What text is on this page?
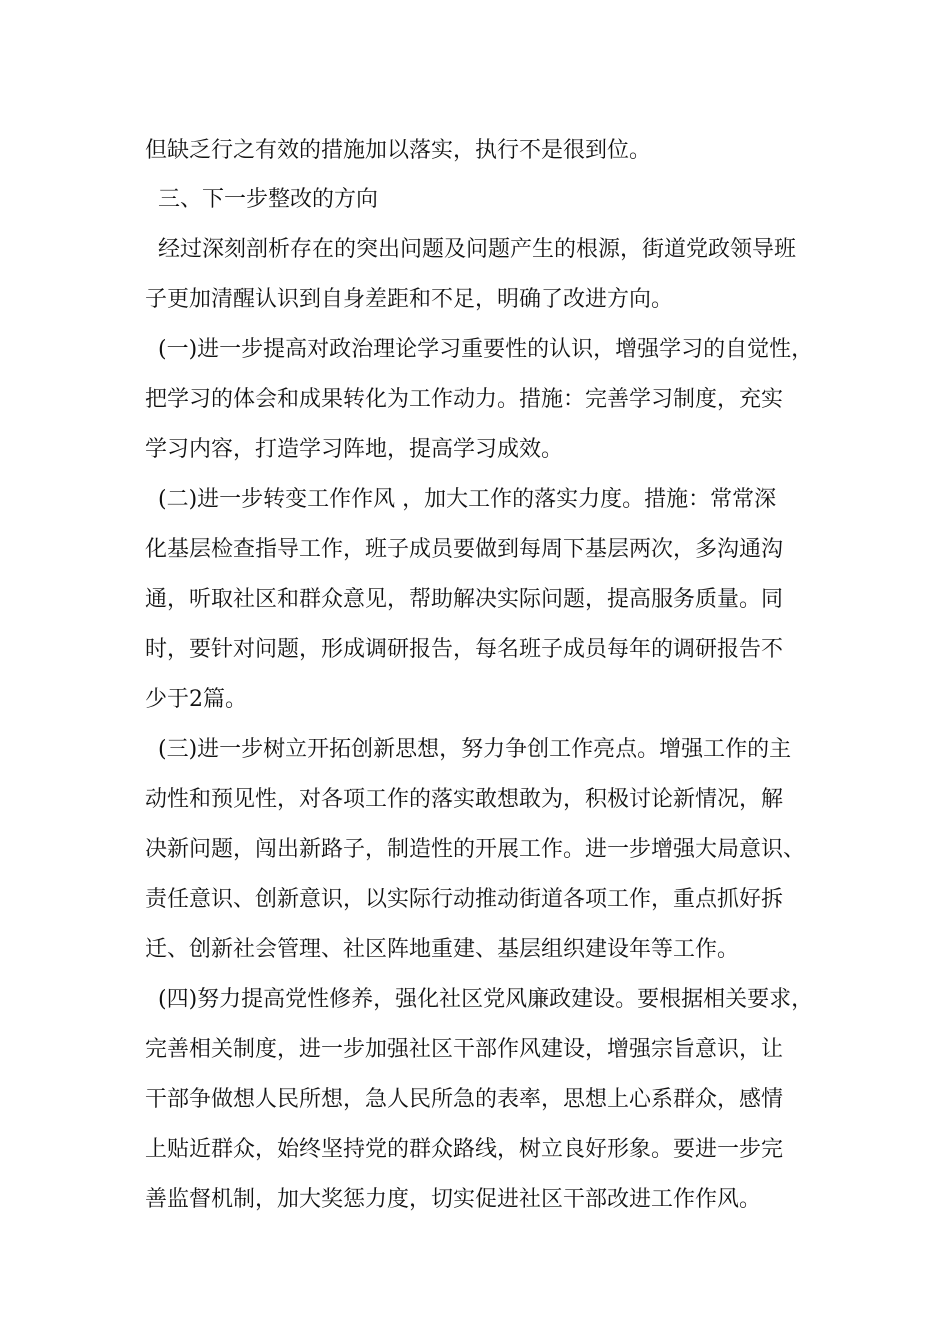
但缺乏行之有效的措施加以落实，执行不是很到位。
三、下一步整改的方向
经过深刻剖析存在的突出问题及问题产生的根源，街道党政领导班
子更加清醒认识到自身差距和不足，明确了改进方向。
(一)进一步提高对政治理论学习重要性的认识，增强学习的自觉性，
把学习的体会和成果转化为工作动力。措施：完善学习制度，充实
学习内容，打造学习阵地，提高学习成效。
(二)进一步转变工作作风 ，加大工作的落实力度。措施：常常深
化基层检查指导工作，班子成员要做到每周下基层两次，多沟通沟
通，听取社区和群众意见，帮助解决实际问题，提高服务质量。同
时，要针对问题，形成调研报告，每名班子成员每年的调研报告不
少于2篇。
(三)进一步树立开拓创新思想，努力争创工作亮点。增强工作的主
动性和预见性，对各项工作的落实敢想敢为，积极讨论新情况，解
决新问题，闯出新路子，制造性的开展工作。进一步增强大局意识、
责任意识、创新意识，以实际行动推动街道各项工作，重点抓好拆
迁、创新社会管理、社区阵地重建、基层组织建设年等工作。
(四)努力提高党性修养，强化社区党风廉政建设。要根据相关要求，
完善相关制度，进一步加强社区干部作风建设，增强宗旨意识，让
干部争做想人民所想，急人民所急的表率，思想上心系群众，感情
上贴近群众，始终坚持党的群众路线，树立良好形象。要进一步完
善监督机制，加大奖惩力度，切实促进社区干部改进工作作风。
